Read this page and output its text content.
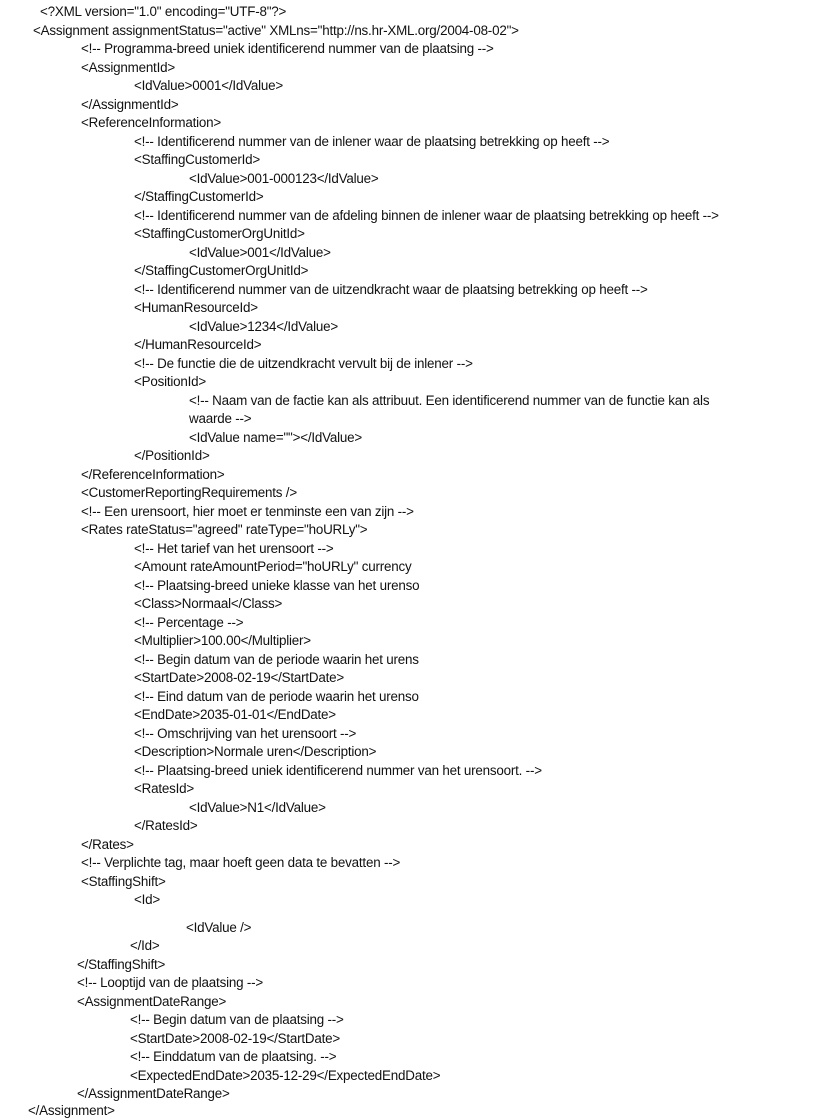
<?XML version="1.0" encoding="UTF-8"?>
<Assignment assignmentStatus="active" XMLns="http://ns.hr-XML.org/2004-08-02">
<!-- Programma-breed uniek identificerend nummer van de plaatsing -->
<AssignmentId>
<IdValue>0001</IdValue>
</AssignmentId>
<ReferenceInformation>
<!-- Identificerend nummer van de inlener waar de plaatsing betrekking op heeft -->
<StaffingCustomerId>
<IdValue>001-000123</IdValue>
</StaffingCustomerId>
<!-- Identificerend nummer van de afdeling binnen de inlener waar de plaatsing betrekking op heeft -->
<StaffingCustomerOrgUnitId>
<IdValue>001</IdValue>
</StaffingCustomerOrgUnitId>
<!-- Identificerend nummer van de uitzendkracht waar de plaatsing betrekking op heeft -->
<HumanResourceId>
<IdValue>1234</IdValue>
</HumanResourceId>
<!-- De functie die de uitzendkracht vervult bij de inlener -->
<PositionId>
<!-- Naam van de factie kan als attribuut. Een identificerend nummer van de functie kan als
waarde -->
<IdValue name=""></IdValue>
</PositionId>
</ReferenceInformation>
<CustomerReportingRequirements />
<!-- Een urensoort, hier moet er tenminste een van zijn -->
<Rates rateStatus="agreed" rateType="hoURLy">
<!-- Het tarief van het urensoort -->
<Amount rateAmountPeriod="hoURLy" currency
<!-- Plaatsing-breed unieke klasse van het urenso
<Class>Normaal</Class>
<!-- Percentage -->
<Multiplier>100.00</Multiplier>
<!-- Begin datum van de periode waarin het urens
<StartDate>2008-02-19</StartDate>
<!-- Eind datum van de periode waarin het urenso
<EndDate>2035-01-01</EndDate>
<!-- Omschrijving van het urensoort -->
<Description>Normale uren</Description>
<!-- Plaatsing-breed uniek identificerend nummer van het urensoort. -->
<RatesId>
<IdValue>N1</IdValue>
</RatesId>
</Rates>
<!-- Verplichte tag, maar hoeft geen data te bevatten -->
<StaffingShift>
<Id>
<IdValue />
</Id>
</StaffingShift>
<!-- Looptijd van de plaatsing -->
<AssignmentDateRange>
<!-- Begin datum van de plaatsing -->
<StartDate>2008-02-19</StartDate>
<!-- Einddatum van de plaatsing. -->
<ExpectedEndDate>2035-12-29</ExpectedEndDate>
</AssignmentDateRange>
</Assignment>
